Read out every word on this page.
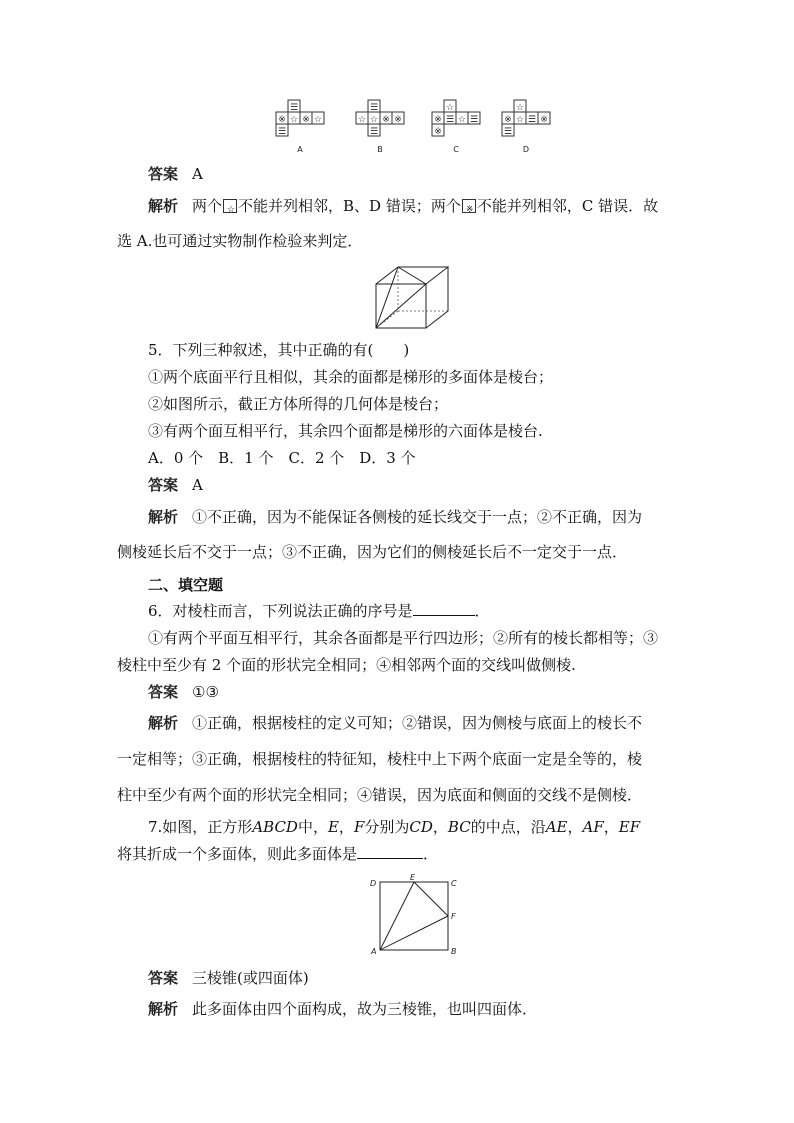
☰
※ ☆ ※ ☆
☰
☰
☆ ☆ ※ ※
☰
☆
※ ☰ ☆ ☰
※
☆
※ ☆ ☰ ※
☰
A	B	C	D
答案 A
解析 两个 ☆ 不能并列相邻，B、D 错误；两个 ※ 不能并列相邻，C 错误．故
选 A.也可通过实物制作检验来判定．
5．下列三种叙述，其中正确的有(　　)
①两个底面平行且相似，其余的面都是梯形的多面体是棱台；
②如图所示，截正方体所得的几何体是棱台；
③有两个面互相平行，其余四个面都是梯形的六面体是棱台.
A．0 个　B．1 个　C．2 个　D．3 个
答案 A
解析 ①不正确，因为不能保证各侧棱的延长线交于一点；②不正确，因为
侧棱延长后不交于一点；③不正确，因为它们的侧棱延长后不一定交于一点．
二、填空题
6．对棱柱而言，下列说法正确的序号是	．
①有两个平面互相平行，其余各面都是平行四边形；②所有的棱长都相等；③
棱柱中至少有 2 个面的形状完全相同；④相邻两个面的交线叫做侧棱.
答案 ①③
解析 ①正确，根据棱柱的定义可知；②错误，因为侧棱与底面上的棱长不
一定相等；③正确，根据棱柱的特征知，棱柱中上下两个底面一定是全等的，棱
柱中至少有两个面的形状完全相同；④错误，因为底面和侧面的交线不是侧棱．
7.如图，正方形ABCD中，E，F分别为CD，BC的中点，沿AE，AF，EF
将其折成一个多面体，则此多面体是	．
D
E
C
F
A	B
答案 三棱锥(或四面体)
解析 此多面体由四个面构成，故为三棱锥，也叫四面体．
